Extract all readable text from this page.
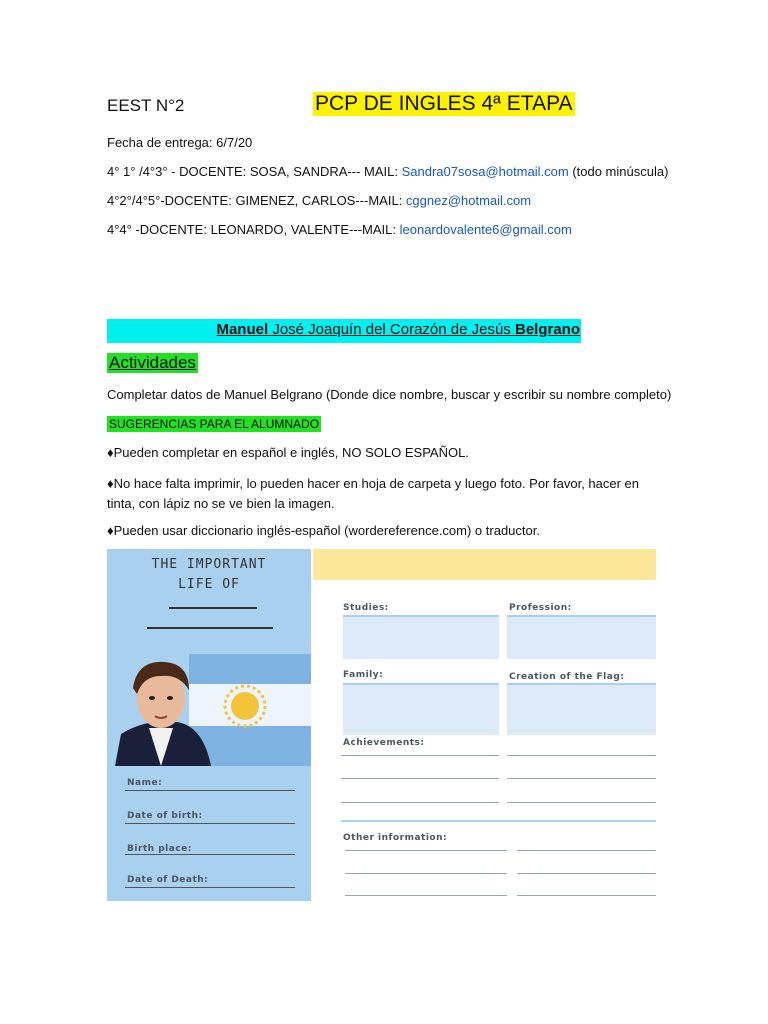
EEST N°2	PCP DE INGLES 4ª ETAPA
Fecha de entrega: 6/7/20
4° 1° /4°3° - DOCENTE: SOSA, SANDRA--- MAIL: Sandra07sosa@hotmail.com (todo minúscula)
4°2°/4°5°-DOCENTE: GIMENEZ, CARLOS---MAIL: cggnez@hotmail.com
4°4° -DOCENTE: LEONARDO, VALENTE---MAIL: leonardovalente6@gmail.com
Manuel José Joaquín del Corazón de Jesús Belgrano
Actividades
Completar datos de Manuel Belgrano (Donde dice nombre, buscar y escribir su nombre completo)
SUGERENCIAS PARA EL ALUMNADO
♦Pueden completar en español e inglés, NO SOLO ESPAÑOL.
♦No hace falta imprimir, lo pueden hacer en hoja de carpeta y luego foto. Por favor, hacer en tinta, con lápiz no se ve bien la imagen.
♦Pueden usar diccionario inglés-español (wordereference.com) o traductor.
THE IMPORTANT
LIFE OF
Name:
Date of birth:
Birth place:
Date of Death:
Studies:	Profession:
Family:	Creation of the Flag:
Achievements:
Other information:
